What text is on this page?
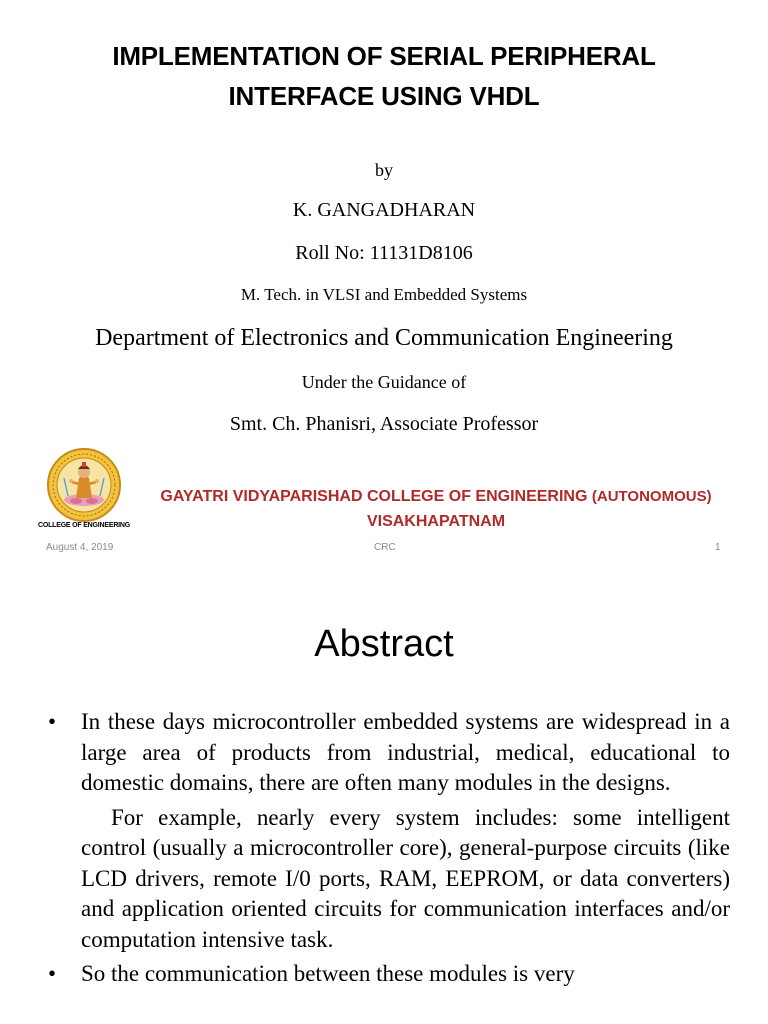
IMPLEMENTATION OF SERIAL PERIPHERAL INTERFACE USING VHDL
by
K. GANGADHARAN
Roll No: 11131D8106
M. Tech. in VLSI and Embedded Systems
Department of Electronics and Communication Engineering
Under the Guidance of
Smt. Ch. Phanisri, Associate Professor
COLLEGE OF ENGINEERING
GAYATRI VIDYAPARISHAD COLLEGE OF ENGINEERING (AUTONOMOUS)
VISAKHAPATNAM
August 4, 2019	CRC	1
Abstract

• In these days microcontroller embedded systems are widespread in a large area of products from industrial, medical, educational to domestic domains, there are often many modules in the designs.

For example, nearly every system includes: some intelligent control (usually a microcontroller core), general-purpose circuits (like LCD drivers, remote I/0 ports, RAM, EEPROM, or data converters) and application oriented circuits for communication interfaces and/or computation intensive task.

• So the communication between these modules is very
